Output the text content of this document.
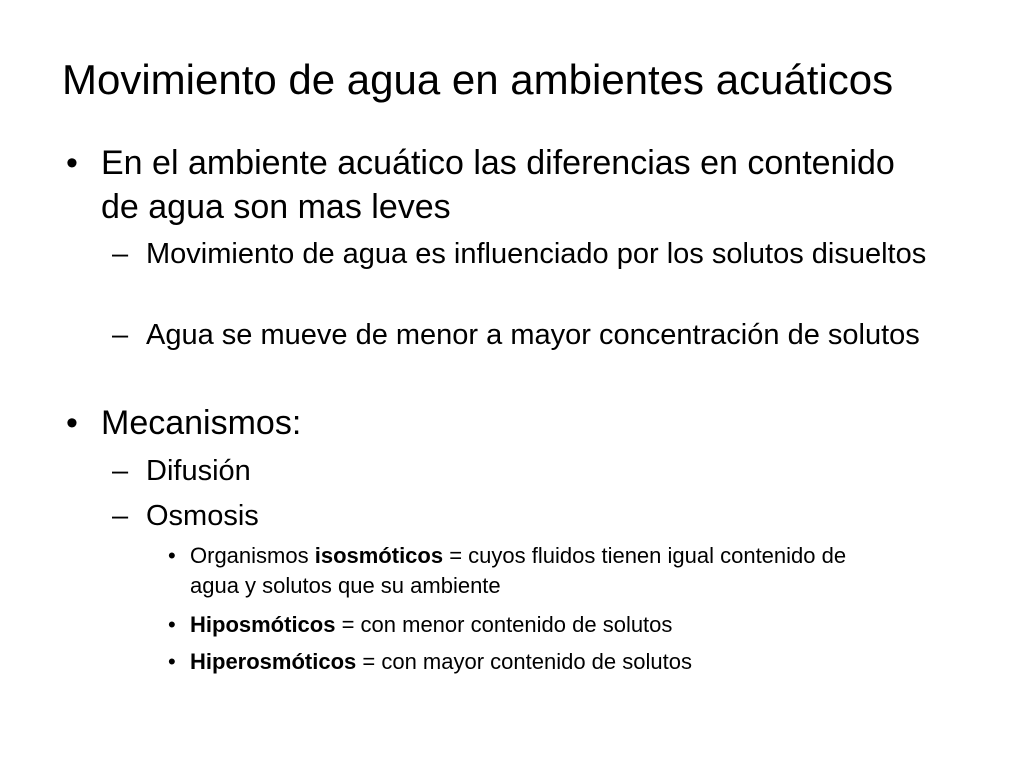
Movimiento de agua en ambientes acuáticos
• En el ambiente acuático las diferencias en contenido de agua son mas leves
– Movimiento de agua es influenciado por los solutos disueltos
– Agua se mueve de menor a mayor concentración de solutos
• Mecanismos:
– Difusión
– Osmosis
• Organismos isosmóticos = cuyos fluidos tienen igual contenido de agua y solutos que su ambiente
• Hiposmóticos = con menor contenido de solutos
• Hiperosmóticos = con mayor contenido de solutos
